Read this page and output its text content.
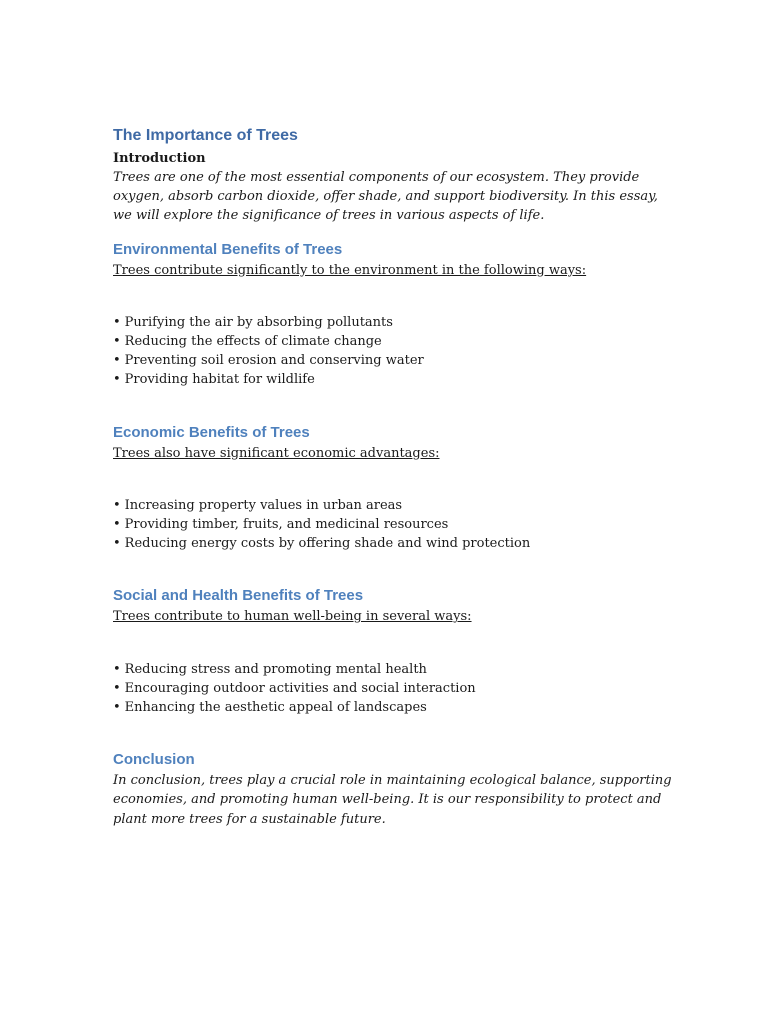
The Importance of Trees
Introduction

Trees are one of the most essential components of our ecosystem. They provide oxygen, absorb carbon dioxide, offer shade, and support biodiversity. In this essay, we will explore the significance of trees in various aspects of life.

Environmental Benefits of Trees

Trees contribute significantly to the environment in the following ways:

• Purifying the air by absorbing pollutants
• Reducing the effects of climate change
• Preventing soil erosion and conserving water
• Providing habitat for wildlife
Economic Benefits of Trees

Trees also have significant economic advantages:

• Increasing property values in urban areas
• Providing timber, fruits, and medicinal resources
• Reducing energy costs by offering shade and wind protection
Social and Health Benefits of Trees

Trees contribute to human well-being in several ways:

• Reducing stress and promoting mental health
• Encouraging outdoor activities and social interaction
• Enhancing the aesthetic appeal of landscapes
Conclusion

In conclusion, trees play a crucial role in maintaining ecological balance, supporting economies, and promoting human well-being. It is our responsibility to protect and plant more trees for a sustainable future.
